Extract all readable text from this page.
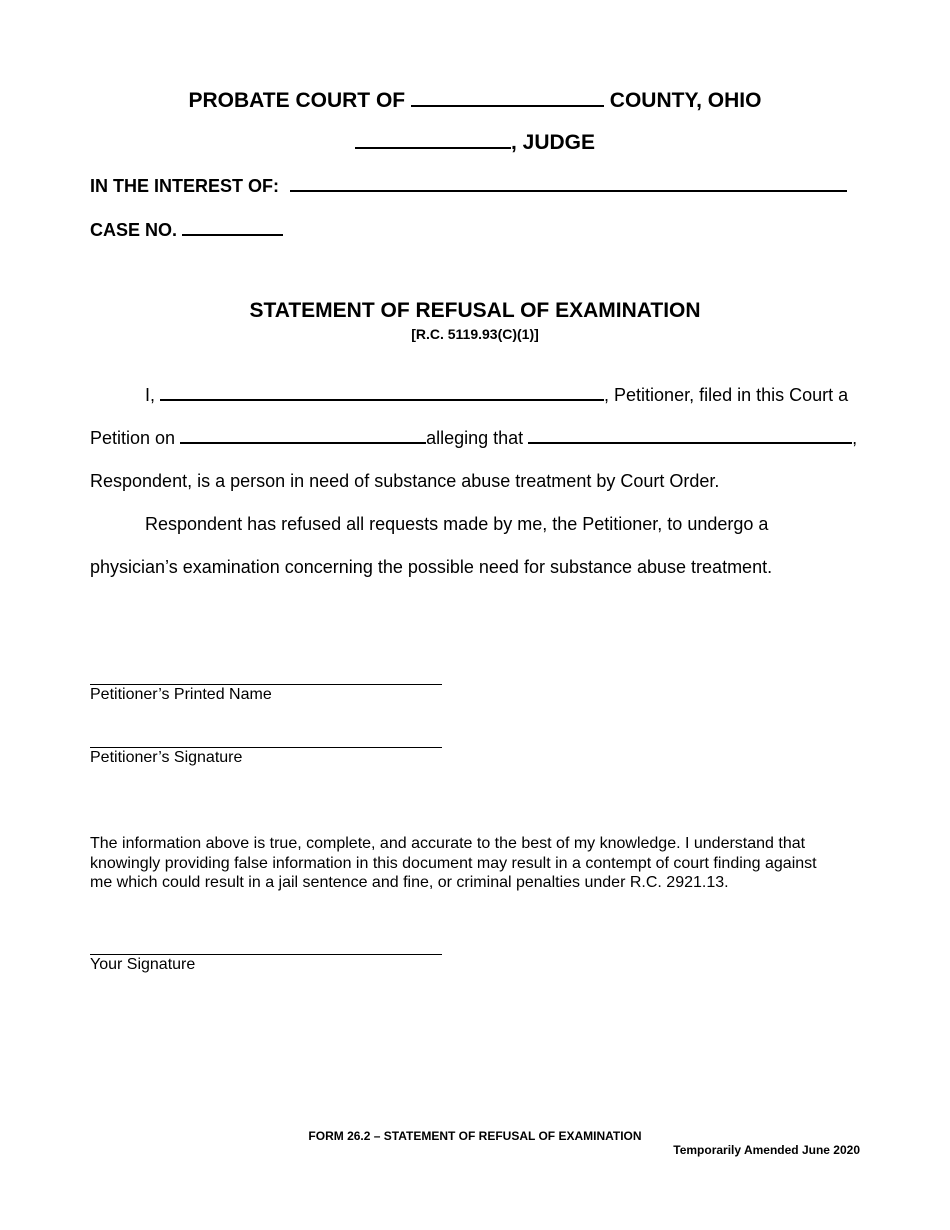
PROBATE COURT OF	COUNTY, OHIO
, JUDGE
IN THE INTEREST OF:
CASE NO.
STATEMENT OF REFUSAL OF EXAMINATION
[R.C. 5119.93(C)(1)]
I,	, Petitioner, filed in this Court a
Petition on	alleging that	,
Respondent, is a person in need of substance abuse treatment by Court Order.
Respondent has refused all requests made by me, the Petitioner, to undergo a
physician’s examination concerning the possible need for substance abuse treatment.
Petitioner’s Printed Name
Petitioner’s Signature
The information above is true, complete, and accurate to the best of my knowledge. I understand that
knowingly providing false information in this document may result in a contempt of court finding against
me which could result in a jail sentence and fine, or criminal penalties under R.C. 2921.13.
Your Signature
FORM 26.2 – STATEMENT OF REFUSAL OF EXAMINATION
Temporarily Amended June 2020
